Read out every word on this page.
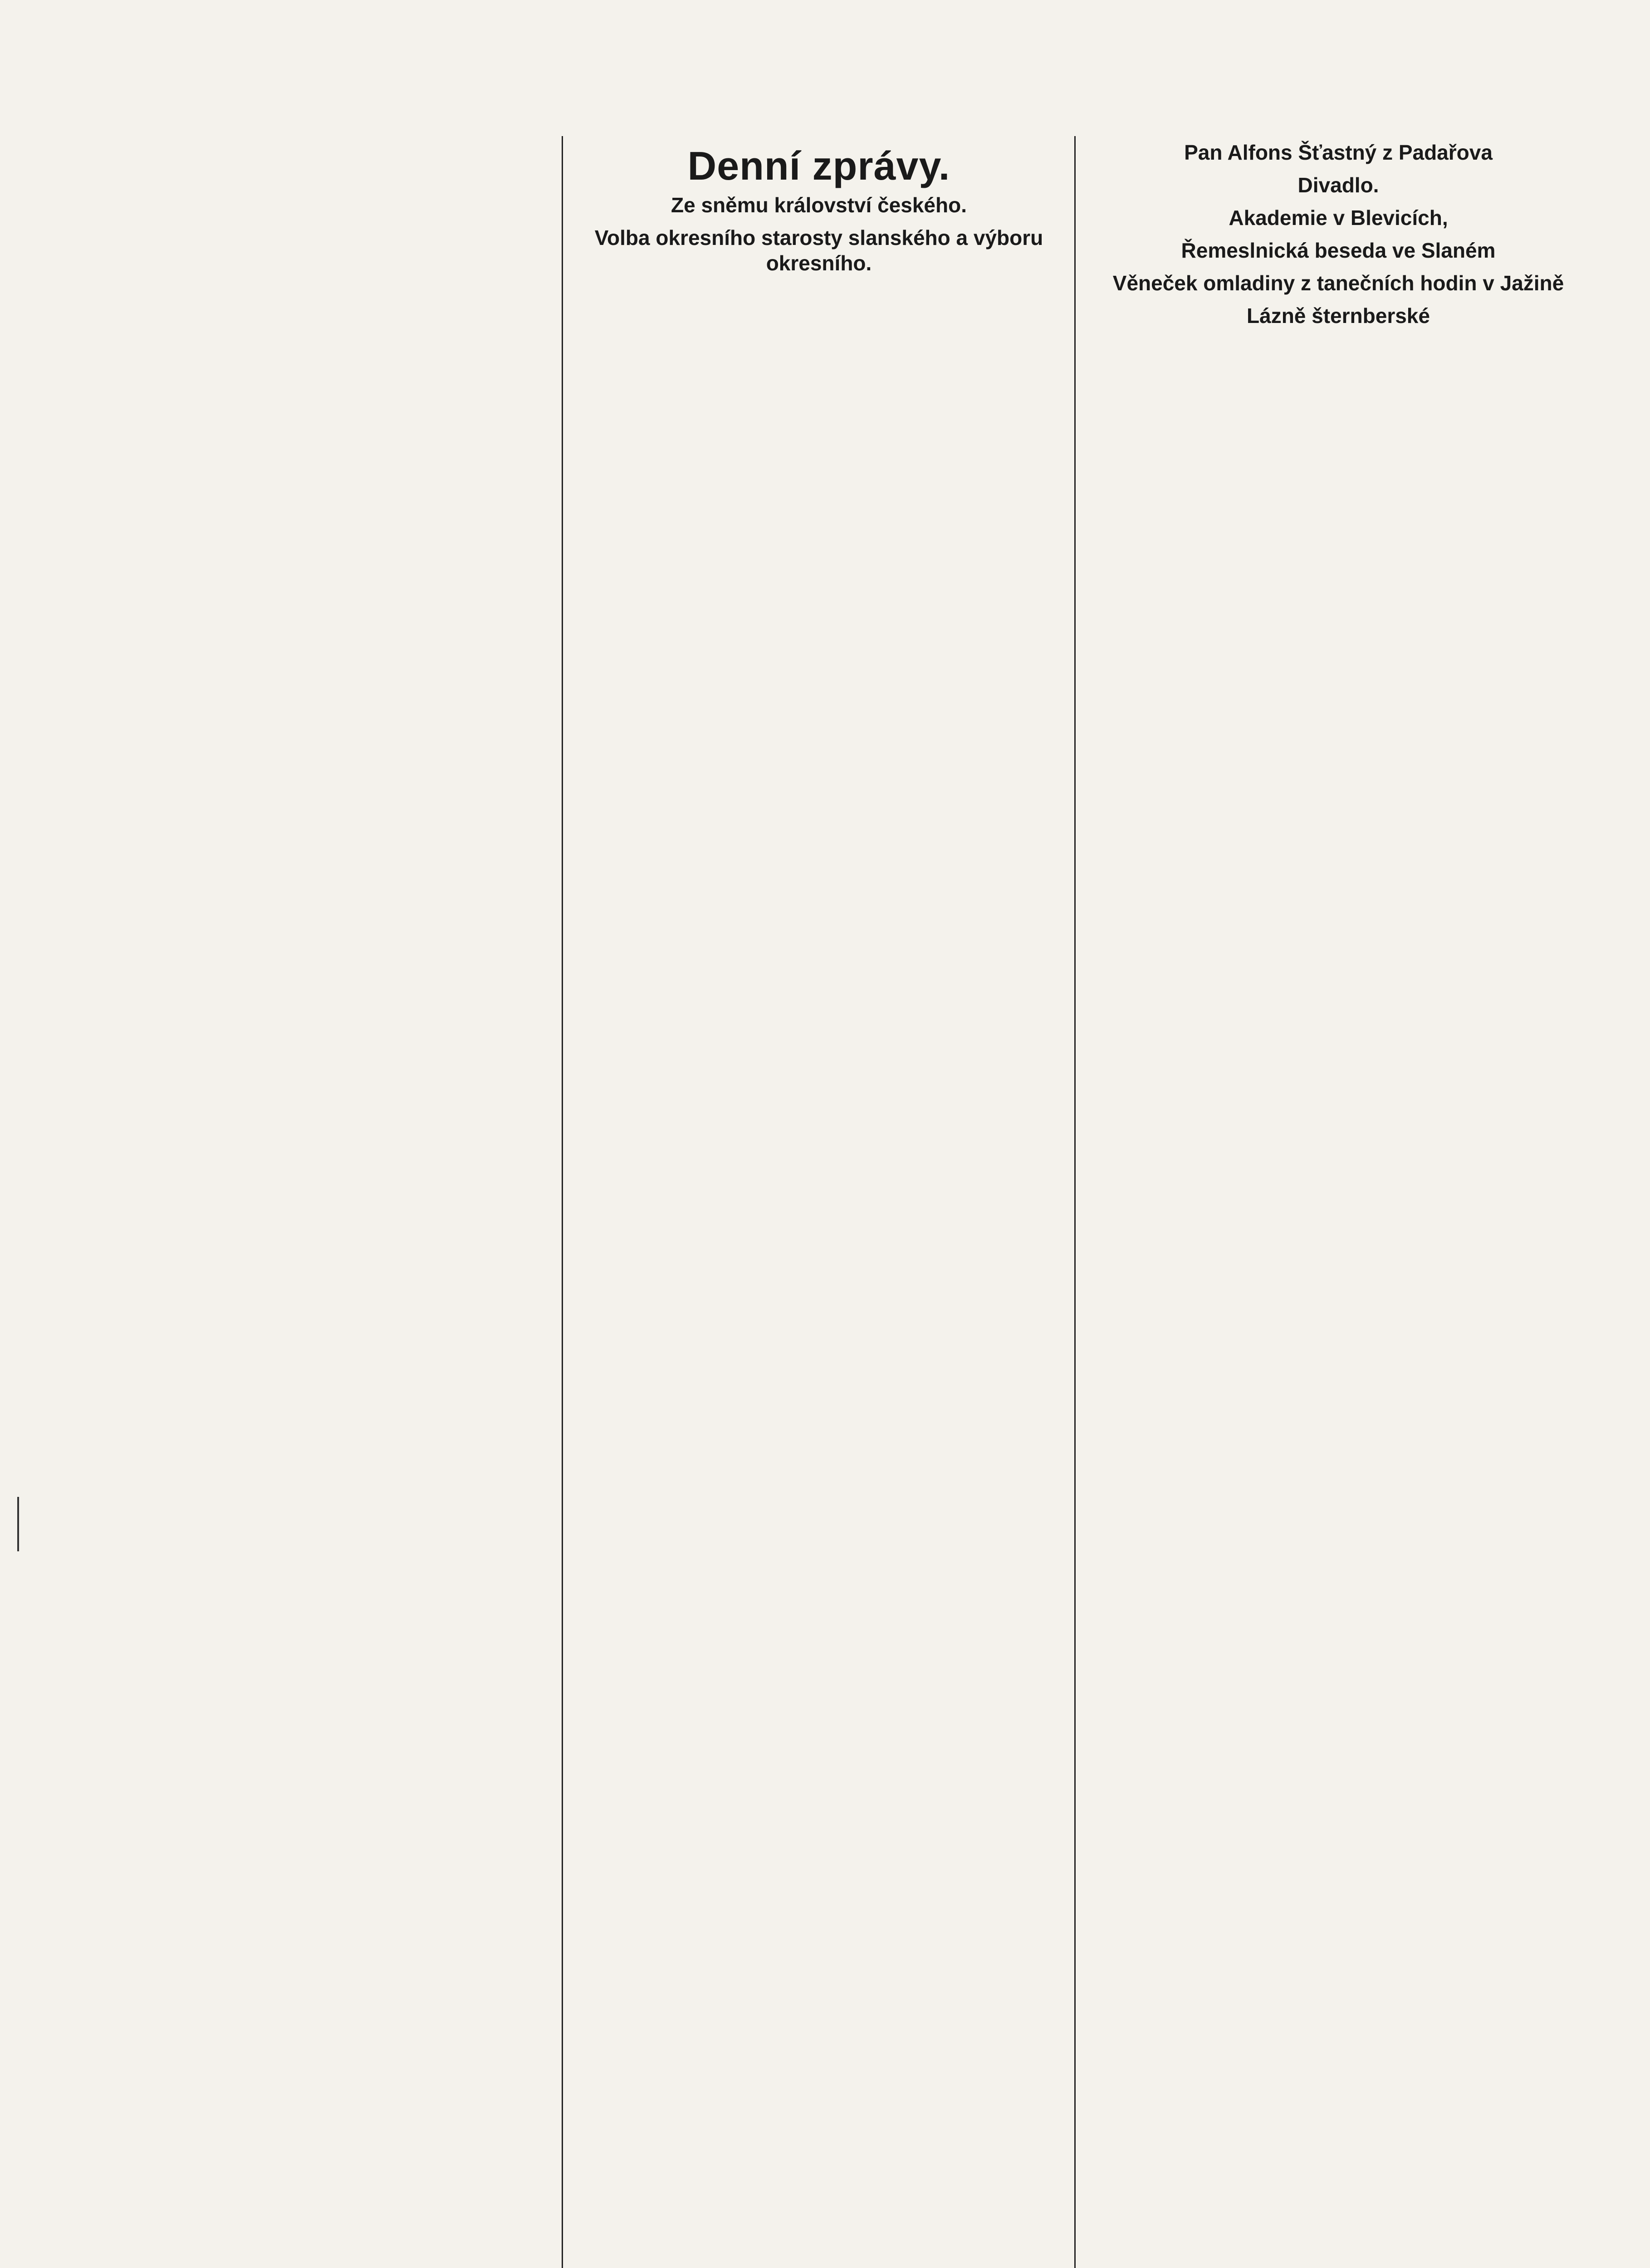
Denní zprávy.
Ze sněmu království českého.

Volba okresního starosty slanského a výboru okresního.

Pan Alfons Šťastný z Padařova

Divadlo.

Akademie v Blevicích,

Řemeslnická beseda ve Slaném

Věneček omladiny z tanečních hodin v Jažině

Lázně šternberské
